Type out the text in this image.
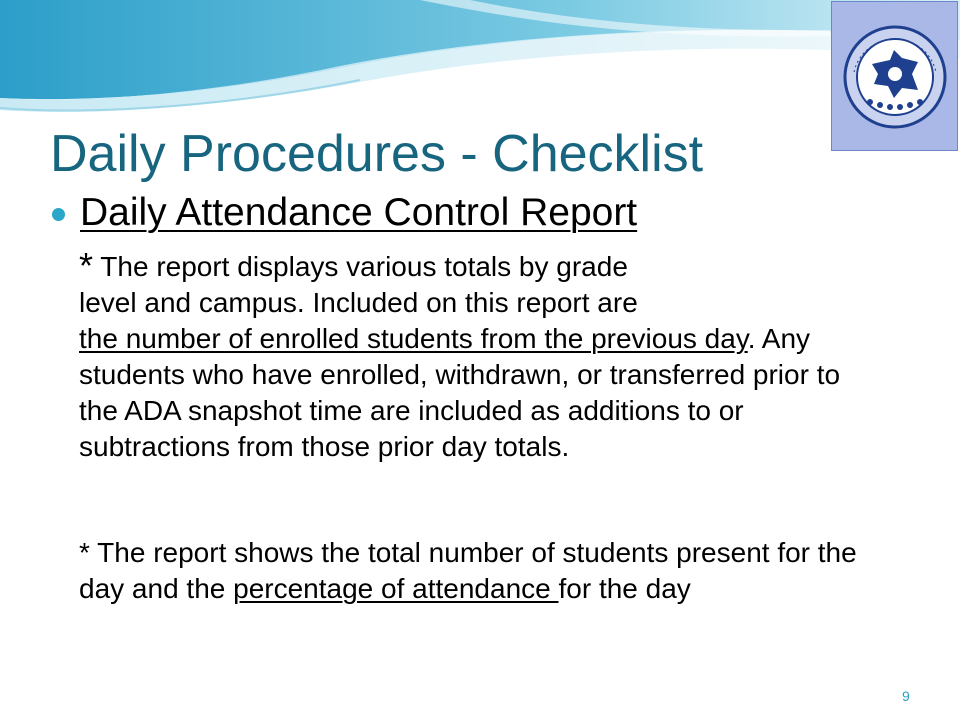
Daily Procedures - Checklist
Daily Attendance Control Report
* The report displays various totals by grade
level and campus. Included on this report are
the number of enrolled students from the previous day. Any students who have enrolled, withdrawn, or transferred prior to the ADA snapshot time are included as additions to or subtractions from those prior day totals.
* The report shows the total number of students present for the day and the percentage of attendance for the day
9
